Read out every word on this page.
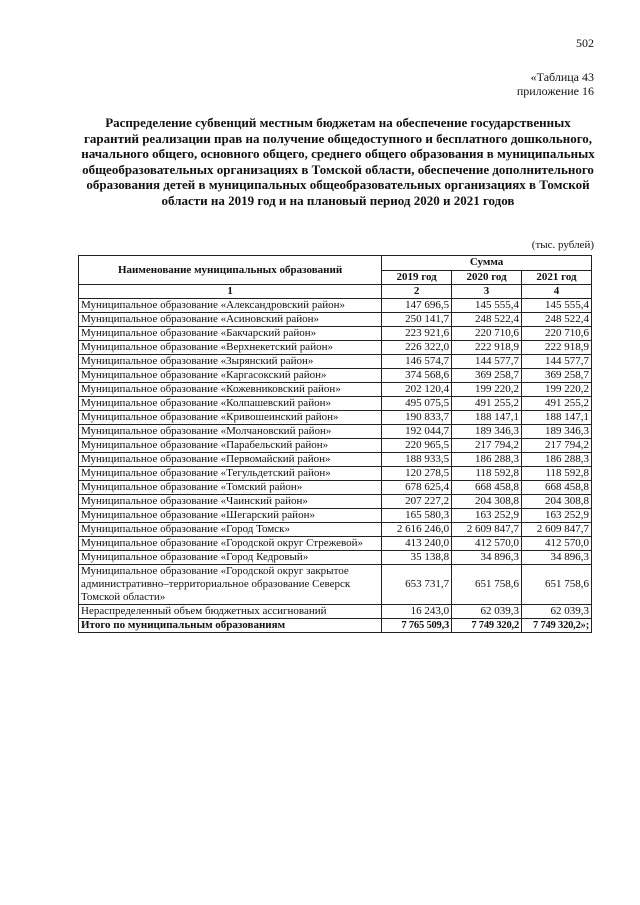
502
«Таблица 43
приложение 16
Распределение субвенций местным бюджетам на обеспечение государственных гарантий реализации прав на получение общедоступного и бесплатного дошкольного, начального общего, основного общего, среднего общего образования в муниципальных общеобразовательных организациях в Томской области, обеспечение дополнительного образования детей в муниципальных общеобразовательных организациях в Томской области на 2019 год и на плановый период 2020 и 2021 годов
(тыс. рублей)
Наименование муниципальных образований	Сумма		
	2019 год	2020 год	2021 год
1	2	3	4
Муниципальное образование «Александровский район»	147 696,5	145 555,4	145 555,4
Муниципальное образование «Асиновский район»	250 141,7	248 522,4	248 522,4
Муниципальное образование «Бакчарский район»	223 921,6	220 710,6	220 710,6
Муниципальное образование «Верхнекетский район»	226 322,0	222 918,9	222 918,9
Муниципальное образование «Зырянский район»	146 574,7	144 577,7	144 577,7
Муниципальное образование «Каргасокский район»	374 568,6	369 258,7	369 258,7
Муниципальное образование «Кожевниковский район»	202 120,4	199 220,2	199 220,2
Муниципальное образование «Колпашевский район»	495 075,5	491 255,2	491 255,2
Муниципальное образование «Кривошеинский район»	190 833,7	188 147,1	188 147,1
Муниципальное образование «Молчановский район»	192 044,7	189 346,3	189 346,3
Муниципальное образование «Парабельский район»	220 965,5	217 794,2	217 794,2
Муниципальное образование «Первомайский район»	188 933,5	186 288,3	186 288,3
Муниципальное образование «Тегульдетский район»	120 278,5	118 592,8	118 592,8
Муниципальное образование «Томский район»	678 625,4	668 458,8	668 458,8
Муниципальное образование «Чаинский район»	207 227,2	204 308,8	204 308,8
Муниципальное образование «Шегарский район»	165 580,3	163 252,9	163 252,9
Муниципальное образование «Город Томск»	2 616 246,0	2 609 847,7	2 609 847,7
Муниципальное образование «Городской округ Стрежевой»	413 240,0	412 570,0	412 570,0
Муниципальное образование «Город Кедровый»	35 138,8	34 896,3	34 896,3
Муниципальное образование «Городской округ закрытое административно–территориальное образование Северск Томской области»	653 731,7	651 758,6	651 758,6
Нераспределенный объем бюджетных ассигнований	16 243,0	62 039,3	62 039,3
Итого по муниципальным образованиям	7 765 509,3	7 749 320,2	7 749 320,2»;
